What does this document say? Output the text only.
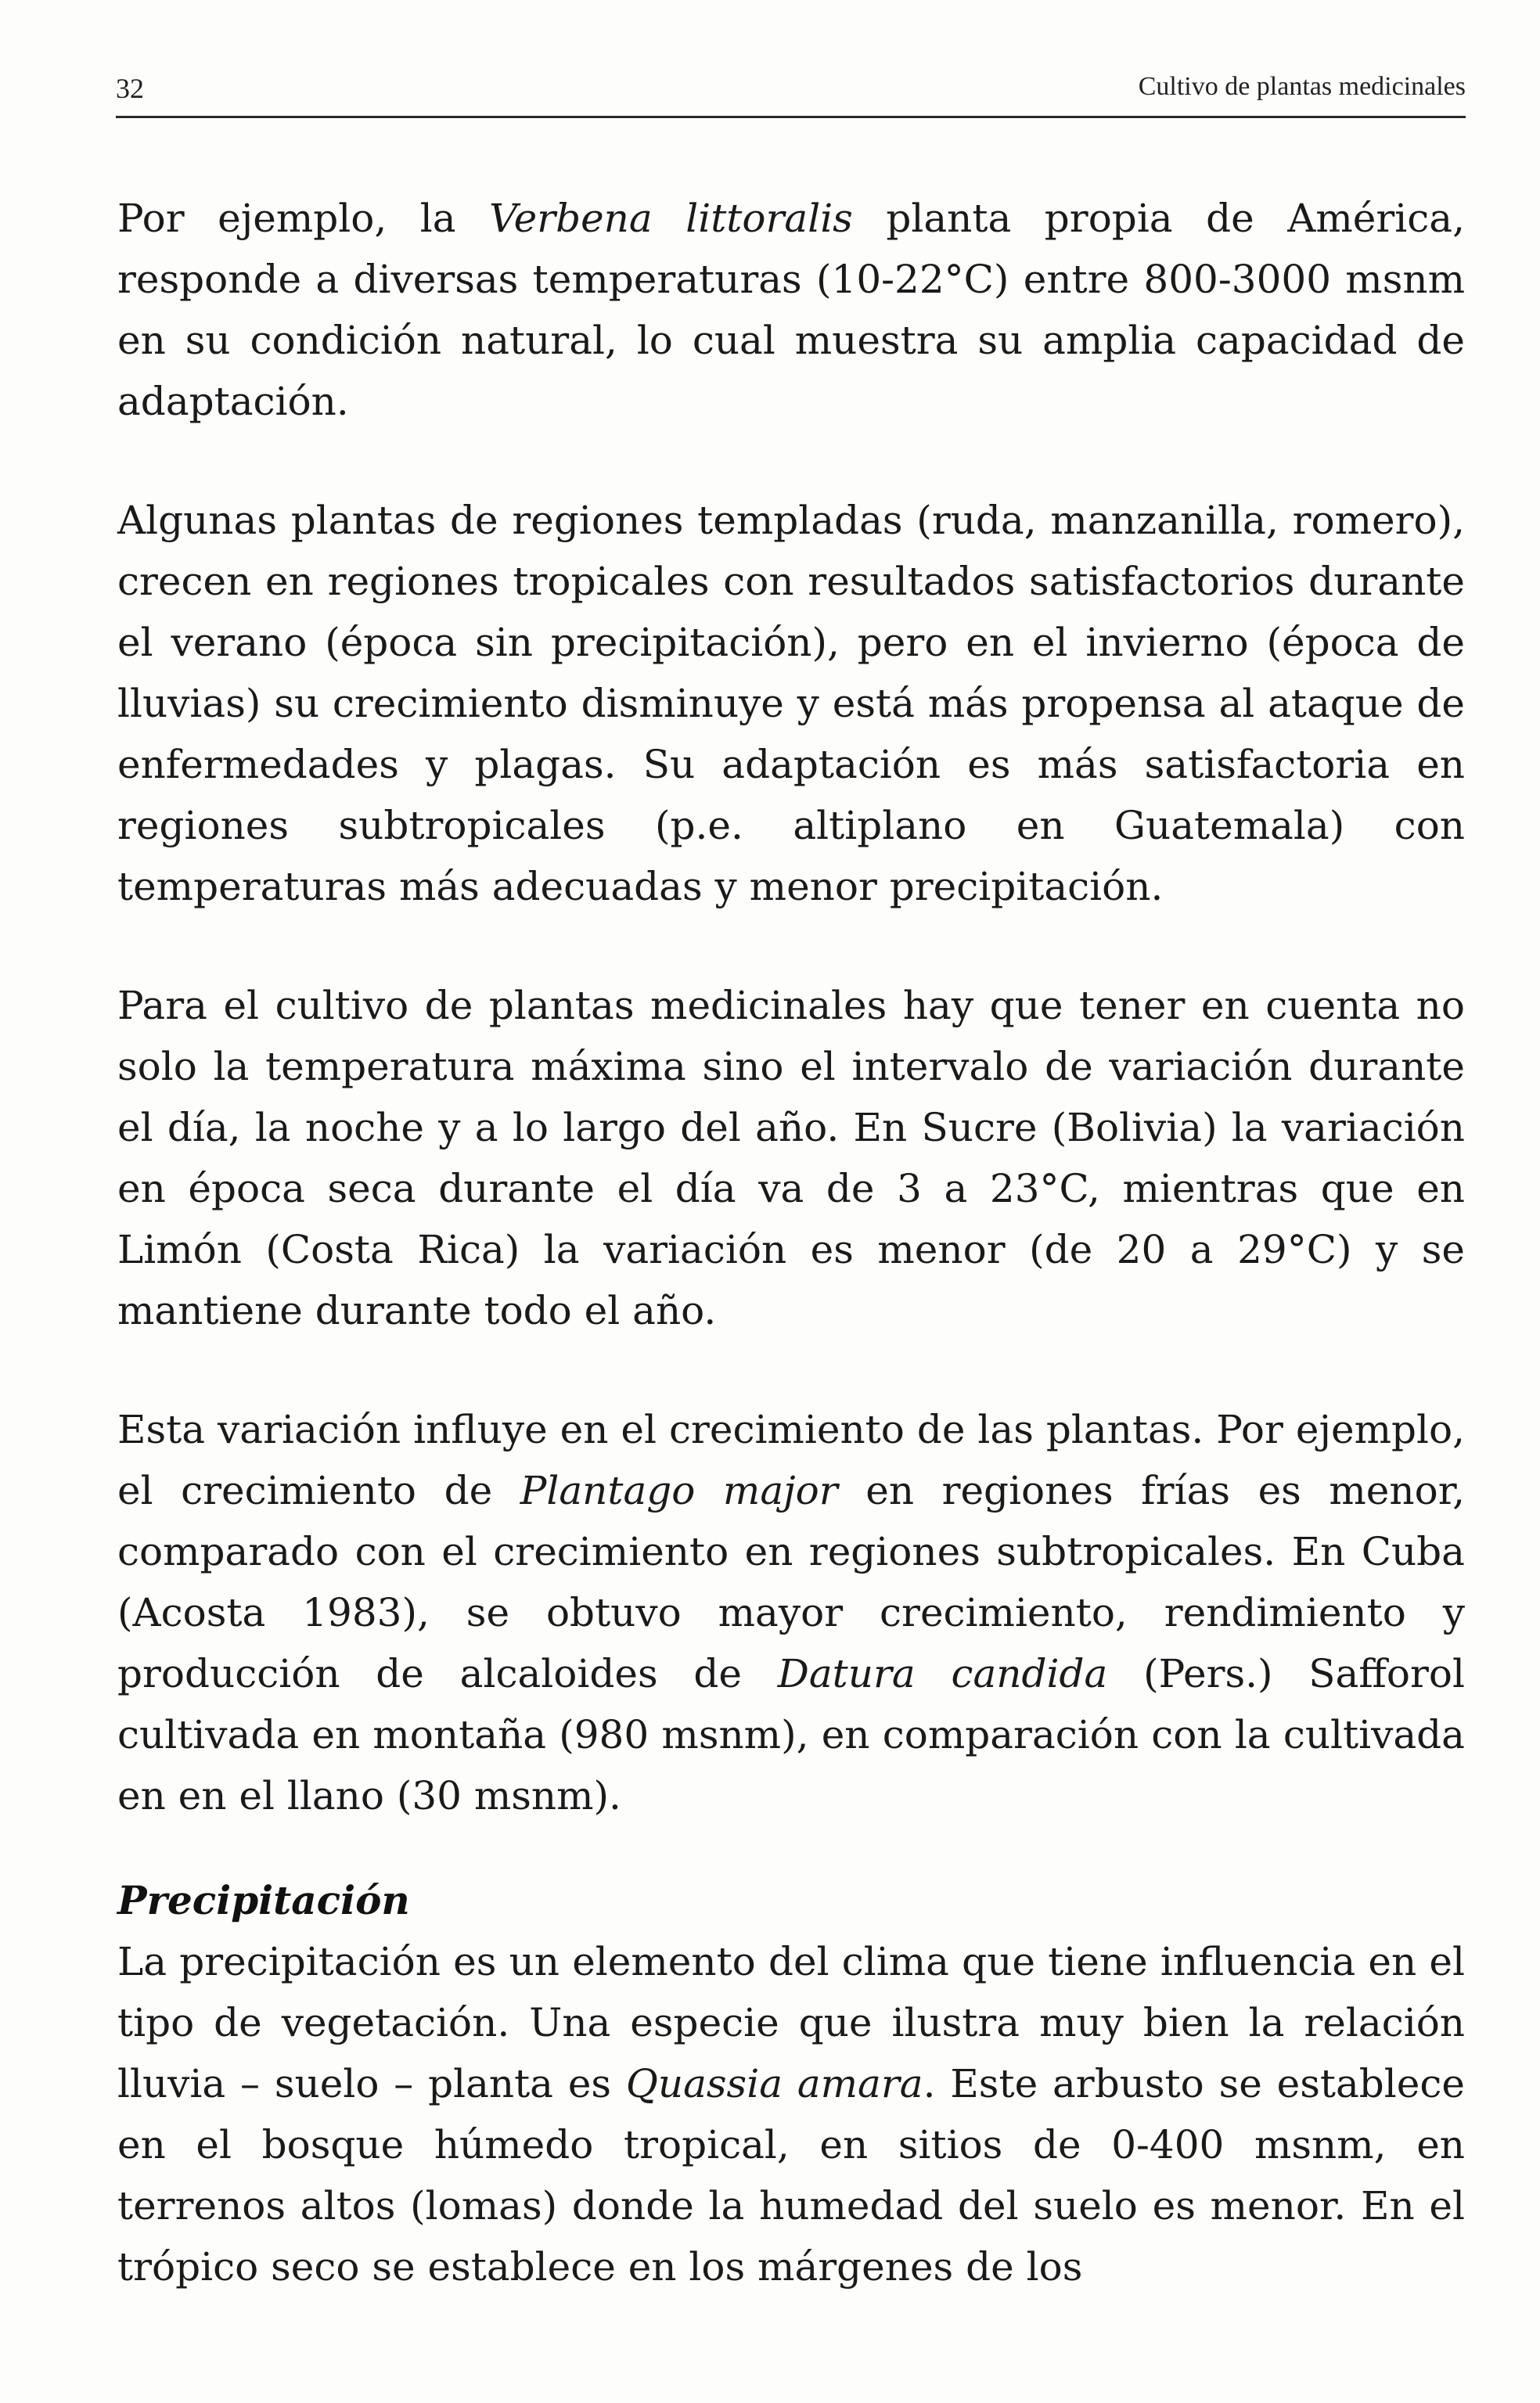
32	Cultivo de plantas medicinales

Por ejemplo, la Verbena littoralis planta propia de América, responde a diversas temperaturas (10-22°C) entre 800-3000 msnm en su condición natural, lo cual muestra su amplia capacidad de adaptación.

Algunas plantas de regiones templadas (ruda, manzanilla, romero), crecen en regiones tropicales con resultados satisfactorios durante el verano (época sin precipitación), pero en el invierno (época de lluvias) su crecimiento disminuye y está más propensa al ataque de enfermedades y plagas. Su adaptación es más satisfactoria en regiones subtropicales (p.e. altiplano en Guatemala) con temperaturas más adecuadas y menor precipitación.

Para el cultivo de plantas medicinales hay que tener en cuenta no solo la temperatura máxima sino el intervalo de variación durante el día, la noche y a lo largo del año. En Sucre (Bolivia) la variación en época seca durante el día va de 3 a 23°C, mientras que en Limón (Costa Rica) la variación es menor (de 20 a 29°C) y se mantiene durante todo el año.

Esta variación influye en el crecimiento de las plantas. Por ejemplo, el crecimiento de Plantago major en regiones frías es menor, comparado con el crecimiento en regiones subtropicales. En Cuba (Acosta 1983), se obtuvo mayor crecimiento, rendimiento y producción de alcaloides de Datura candida (Pers.) Safforol cultivada en montaña (980 msnm), en comparación con la cultivada en en el llano (30 msnm).

Precipitación

La precipitación es un elemento del clima que tiene influencia en el tipo de vegetación. Una especie que ilustra muy bien la relación lluvia – suelo – planta es Quassia amara. Este arbusto se establece en el bosque húmedo tropical, en sitios de 0-400 msnm, en terrenos altos (lomas) donde la humedad del suelo es menor. En el trópico seco se establece en los márgenes de los
